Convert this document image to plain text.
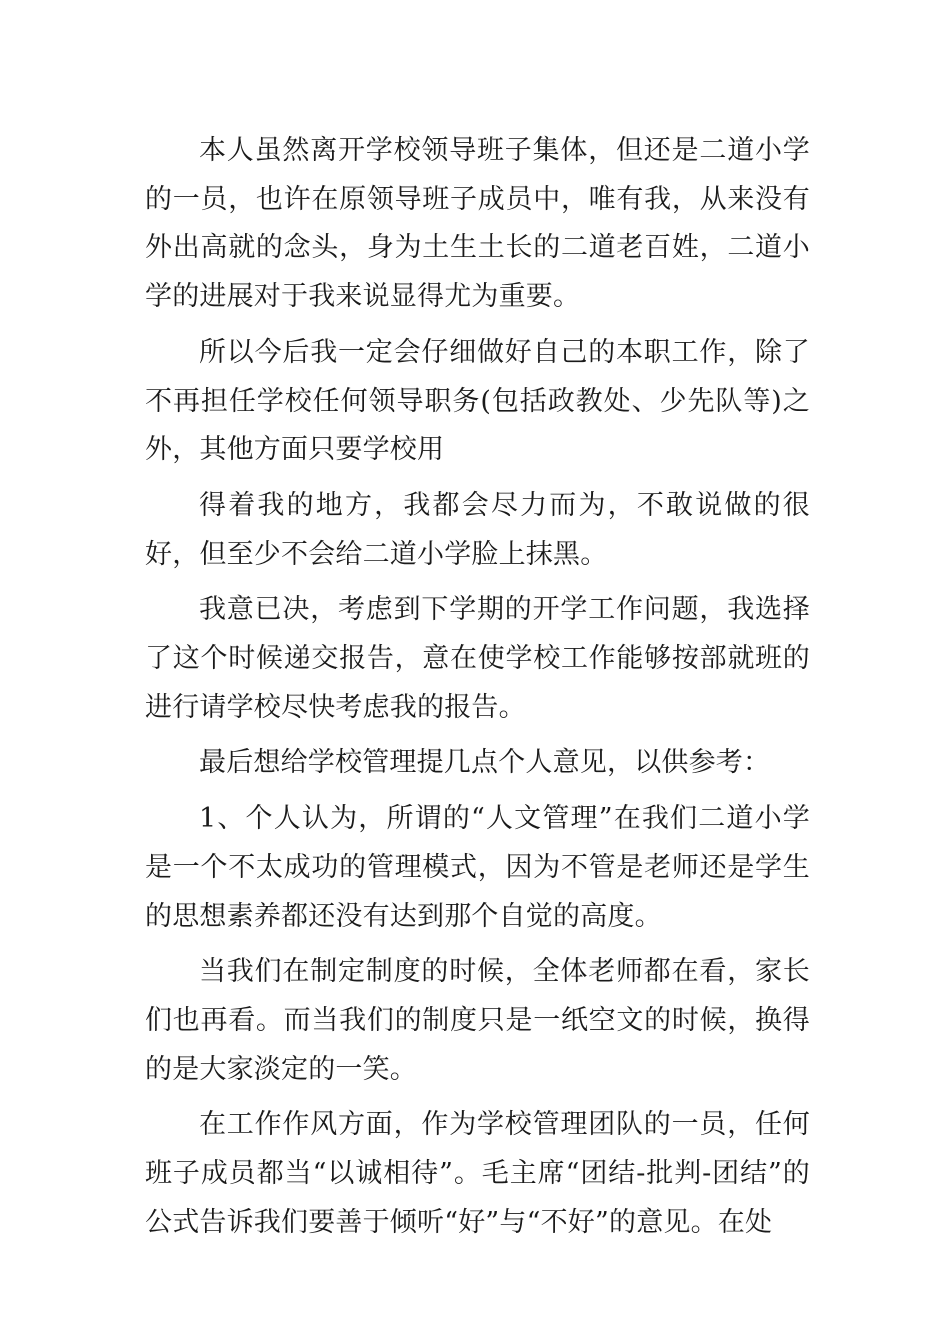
本人虽然离开学校领导班子集体，但还是二道小学的一员，也许在原领导班子成员中，唯有我，从来没有外出高就的念头，身为土生土长的二道老百姓，二道小学的进展对于我来说显得尤为重要。

所以今后我一定会仔细做好自己的本职工作，除了不再担任学校任何领导职务(包括政教处、少先队等)之外，其他方面只要学校用

得着我的地方，我都会尽力而为，不敢说做的很好，但至少不会给二道小学脸上抹黑。

我意已决，考虑到下学期的开学工作问题，我选择了这个时候递交报告，意在使学校工作能够按部就班的进行请学校尽快考虑我的报告。

最后想给学校管理提几点个人意见，以供参考：

1、个人认为，所谓的“人文管理”在我们二道小学是一个不太成功的管理模式，因为不管是老师还是学生的思想素养都还没有达到那个自觉的高度。

当我们在制定制度的时候，全体老师都在看，家长们也再看。而当我们的制度只是一纸空文的时候，换得的是大家淡定的一笑。

在工作作风方面，作为学校管理团队的一员，任何班子成员都当“以诚相待”。毛主席“团结-批判-团结”的公式告诉我们要善于倾听“好”与“不好”的意见。在处
